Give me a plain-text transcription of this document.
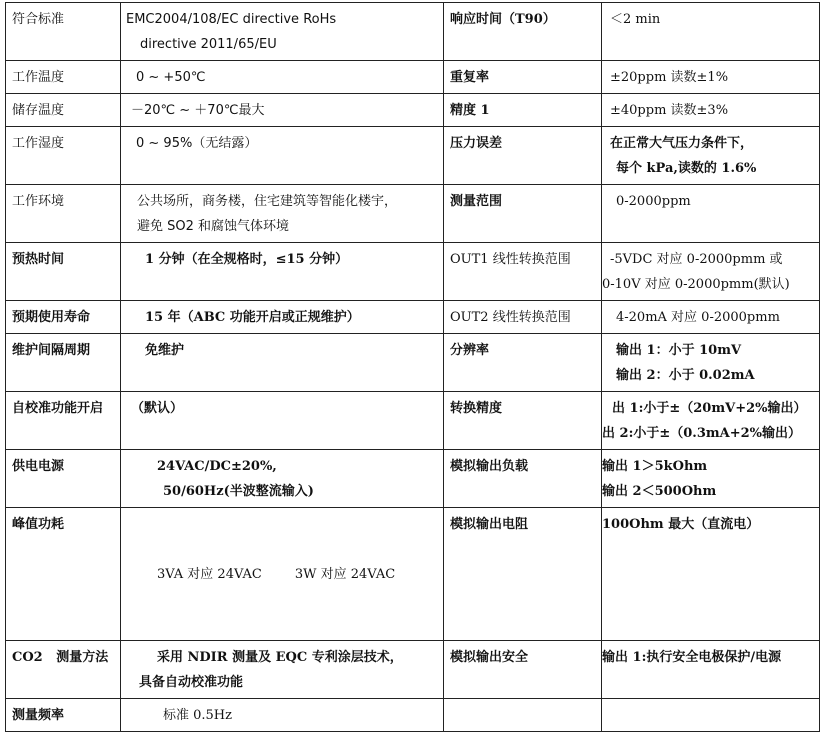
符合标准	EMC2004/108/EC directive RoHs
directive 2011/65/EU	响应时间（T90）	＜2 min

工作温度	0 ~ +50℃	重复率	±20ppm 读数±1%

储存温度	－20℃ ~ ＋70℃最大	精度 1	±40ppm 读数±3%

工作湿度	0 ~ 95%（无结露）	压力误差	在正常大气压力条件下，
每个 kPa,读数的 1.6%

工作环境	公共场所，商务楼，住宅建筑等智能化楼宇，
避免 SO2 和腐蚀气体环境	测量范围	0-2000ppm

预热时间	1 分钟（在全规格时，≤15 分钟）	OUT1 线性转换范围	-5VDC 对应 0-2000pmm 或
0-10V 对应 0-2000pmm(默认)

预期使用寿命	15 年（ABC 功能开启或正规维护）	OUT2 线性转换范围	4-20mA 对应 0-2000pmm

维护间隔周期	免维护	分辨率	输出 1：小于 10mV
输出 2：小于 0.02mA

自校准功能开启	（默认）	转换精度	出 1:小于±（20mV+2%输出）
出 2:小于±（0.3mA+2%输出）

供电电源	24VAC/DC±20%,
50/60Hz(半波整流输入)	模拟输出负载	输出 1＞5kOhm
输出 2＜500Ohm

峰值功耗	3VA 对应 24VAC        3W 对应 24VAC	模拟输出电阻	100Ohm 最大（直流电）

CO2   测量方法	采用 NDIR 测量及 EQC 专利涂层技术，
具备自动校准功能	模拟输出安全	输出 1:执行安全电极保护/电源

测量频率	标准 0.5Hz		
